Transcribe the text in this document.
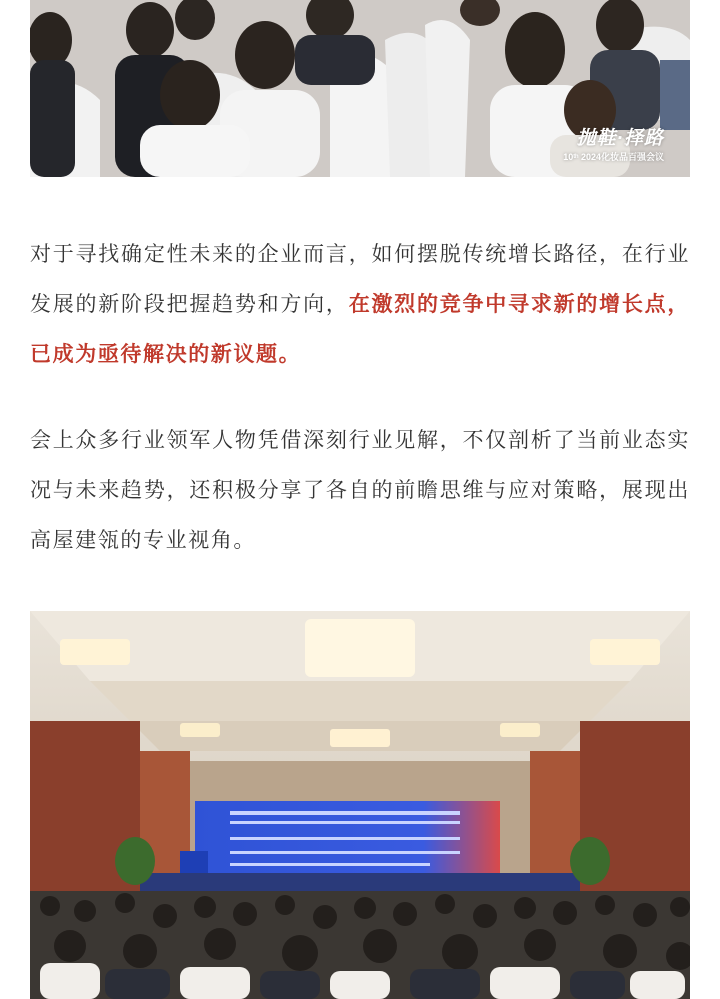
抛鞋·择路
10ᵗʰ 2024化妆品百强会议

对于寻找确定性未来的企业而言，如何摆脱传统增长路径，在行业发展的新阶段把握趋势和方向，在激烈的竞争中寻求新的增长点，已成为亟待解决的新议题。

会上众多行业领军人物凭借深刻行业见解，不仅剖析了当前业态实况与未来趋势，还积极分享了各自的前瞻思维与应对策略，展现出高屋建瓴的专业视角。
